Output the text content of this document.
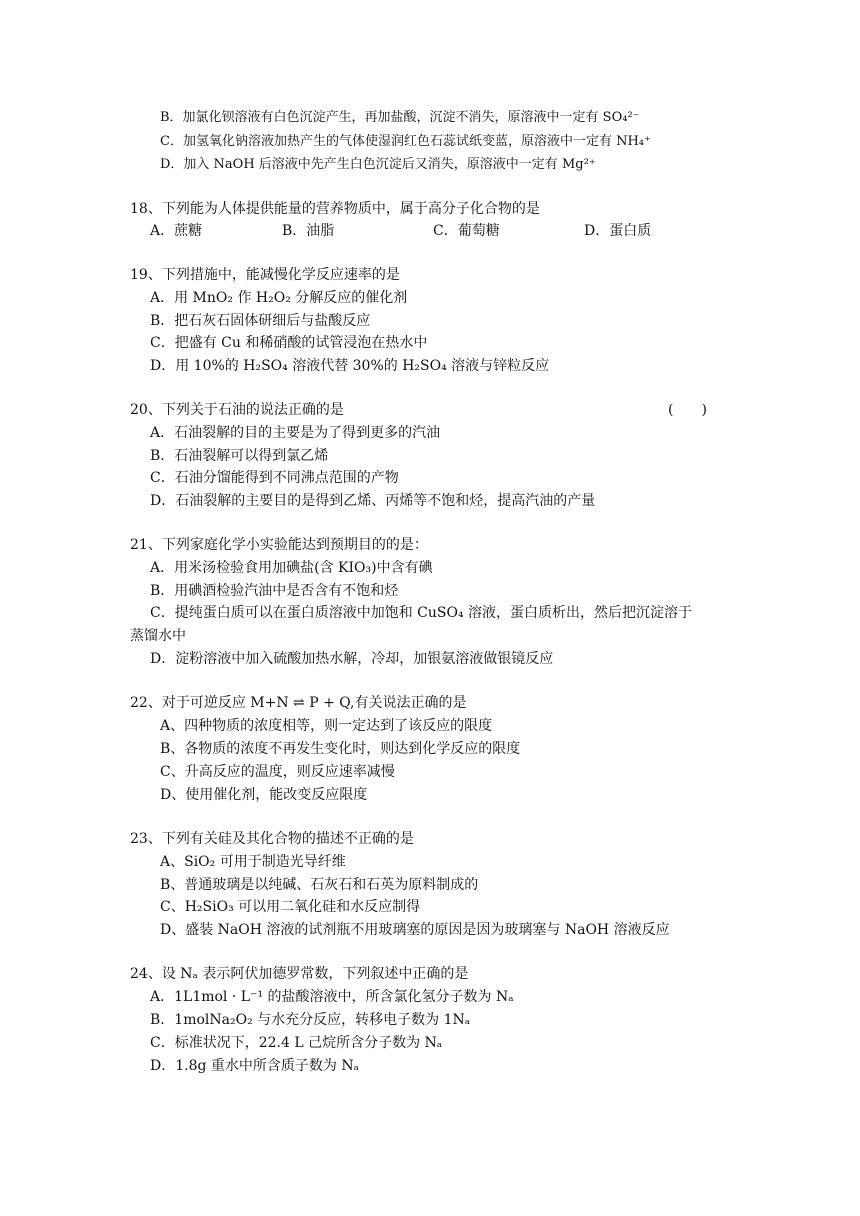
B．加氯化钡溶液有白色沉淀产生，再加盐酸，沉淀不消失，原溶液中一定有 SO₄²⁻
C．加氢氧化钠溶液加热产生的气体使湿润红色石蕊试纸变蓝，原溶液中一定有 NH₄⁺
D．加入 NaOH 后溶液中先产生白色沉淀后又消失，原溶液中一定有 Mg²⁺
18、下列能为人体提供能量的营养物质中，属于高分子化合物的是
A．蔗糖	B．油脂	C．葡萄糖	D．蛋白质
19、下列措施中，能减慢化学反应速率的是
A．用 MnO₂ 作 H₂O₂ 分解反应的催化剂
B．把石灰石固体研细后与盐酸反应
C．把盛有 Cu 和稀硝酸的试管浸泡在热水中
D．用 10%的 H₂SO₄ 溶液代替 30%的 H₂SO₄ 溶液与锌粒反应
20、下列关于石油的说法正确的是	(　　)
A．石油裂解的目的主要是为了得到更多的汽油
B．石油裂解可以得到氯乙烯
C．石油分馏能得到不同沸点范围的产物
D．石油裂解的主要目的是得到乙烯、丙烯等不饱和烃，提高汽油的产量
21、下列家庭化学小实验能达到预期目的的是：
A．用米汤检验食用加碘盐(含 KIO₃)中含有碘
B．用碘酒检验汽油中是否含有不饱和烃
C．提纯蛋白质可以在蛋白质溶液中加饱和 CuSO₄ 溶液，蛋白质析出，然后把沉淀溶于
蒸馏水中
D．淀粉溶液中加入硫酸加热水解，冷却，加银氨溶液做银镜反应
22、对于可逆反应 M+N ⇌ P + Q,有关说法正确的是
A、四种物质的浓度相等，则一定达到了该反应的限度
B、各物质的浓度不再发生变化时，则达到化学反应的限度
C、升高反应的温度，则反应速率减慢
D、使用催化剂，能改变反应限度
23、下列有关硅及其化合物的描述不正确的是
A、SiO₂ 可用于制造光导纤维
B、普通玻璃是以纯碱、石灰石和石英为原料制成的
C、H₂SiO₃ 可以用二氧化硅和水反应制得
D、盛装 NaOH 溶液的试剂瓶不用玻璃塞的原因是因为玻璃塞与 NaOH 溶液反应
24、设 Nₐ 表示阿伏加德罗常数，下列叙述中正确的是
A．1L1mol · L⁻¹ 的盐酸溶液中，所含氯化氢分子数为 Nₐ
B．1molNa₂O₂ 与水充分反应，转移电子数为 1Nₐ
C．标准状况下，22.4 L 己烷所含分子数为 Nₐ
D．1.8g 重水中所含质子数为 Nₐ
